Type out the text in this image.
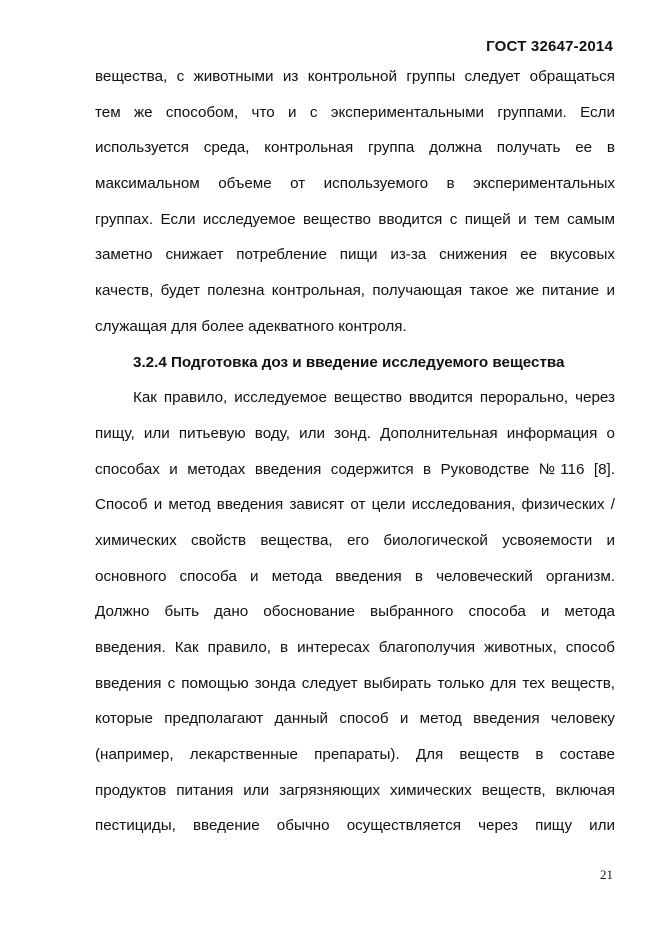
ГОСТ 32647-2014
вещества, с животными из контрольной группы следует обращаться
тем же способом, что и с экспериментальными группами. Если
используется среда, контрольная группа должна получать ее в
максимальном объеме от используемого в экспериментальных
группах. Если исследуемое вещество вводится с пищей и тем самым
заметно снижает потребление пищи из-за снижения ее вкусовых
качеств, будет полезна контрольная, получающая такое же питание и
служащая для более адекватного контроля.
3.2.4 Подготовка доз и введение исследуемого вещества
Как правило, исследуемое вещество вводится перорально, через
пищу, или питьевую воду, или зонд. Дополнительная информация о
способах и методах введения содержится в Руководстве №116 [8].
Способ и метод введения зависят от цели исследования, физических /
химических свойств вещества, его биологической усвояемости и
основного способа и метода введения в человеческий организм.
Должно быть дано обоснование выбранного способа и метода
введения. Как правило, в интересах благополучия животных, способ
введения с помощью зонда следует выбирать только для тех веществ,
которые предполагают данный способ и метод введения человеку
(например, лекарственные препараты). Для веществ в составе
продуктов питания или загрязняющих химических веществ, включая
пестициды, введение обычно осуществляется через пищу или
21
